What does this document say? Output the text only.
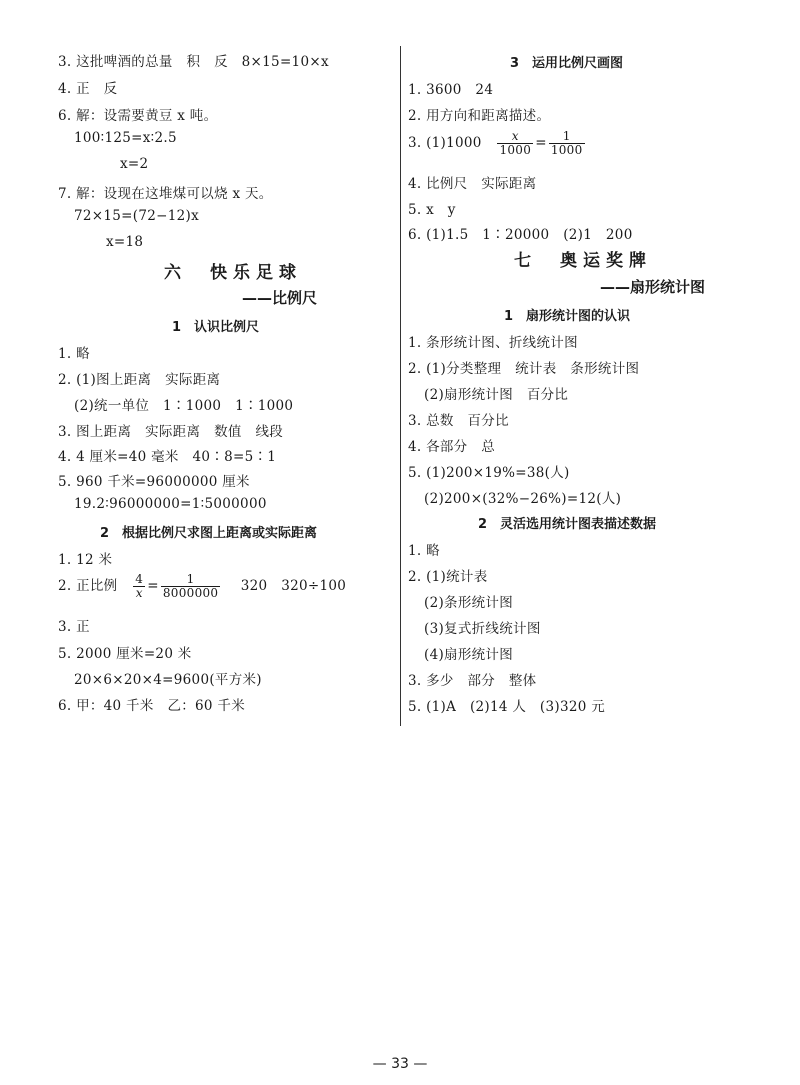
3. 这批啤酒的总量　积　反　8×15=10×x
4. 正　反
6. 解：设需要黄豆 x 吨。
100∶125=x∶2.5
x=2
7. 解：设现在这堆煤可以烧 x 天。
72×15=(72−12)x
x=18
六　快乐足球
——比例尺
1　认识比例尺
1. 略
2. (1)图上距离　实际距离
(2)统一单位　1∶1000　1∶1000
3. 图上距离　实际距离　数值　线段
4. 4 厘米=40 毫米　40∶8=5∶1
5. 960 千米=96000000 厘米
19.2∶96000000=1∶5000000
2　根据比例尺求图上距离或实际距离
1. 12 米
2. 正比例 $\frac{4}{x} = \frac{1}{8000000} 320$　320÷100
3. 正
5. 2000 厘米=20 米
20×6×20×4=9600(平方米)
6. 甲：40 千米　乙：60 千米
3　运用比例尺画图
1. 3600　24
2. 用方向和距离描述。
3. $(1)1000 \frac{x}{1000} = \frac{1}{1000}$
4. 比例尺　实际距离
5. x　y
6. (1)1.5　1∶20000　(2)1　200
七　奥运奖牌
——扇形统计图
1　扇形统计图的认识
1. 条形统计图、折线统计图
2. (1)分类整理　统计表　条形统计图
(2)扇形统计图　百分比
3. 总数　百分比
4. 各部分　总
5. (1)200×19%=38(人)
(2)200×(32%−26%)=12(人)
2　灵活选用统计图表描述数据
1. 略
2. (1)统计表
(2)条形统计图
(3)复式折线统计图
(4)扇形统计图
3. 多少　部分　整体
5. (1)A　(2)14 人　(3)320 元
— 33 —
